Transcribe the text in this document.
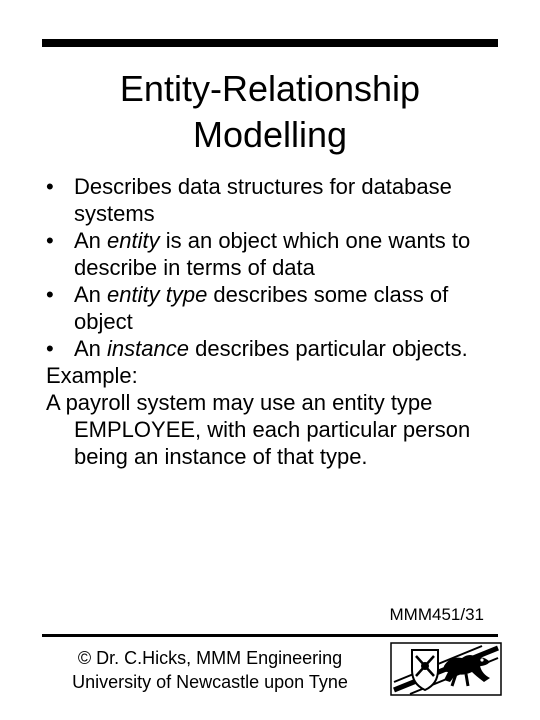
Entity-Relationship
Modelling
• Describes data structures for database systems
• An entity is an object which one wants to describe in terms of data
• An entity type describes some class of object
• An instance describes particular objects.

Example:

A payroll system may use an entity type EMPLOYEE, with each particular person being an instance of that type.

MMM451/31
© Dr. C.Hicks, MMM Engineering
University of Newcastle upon Tyne
